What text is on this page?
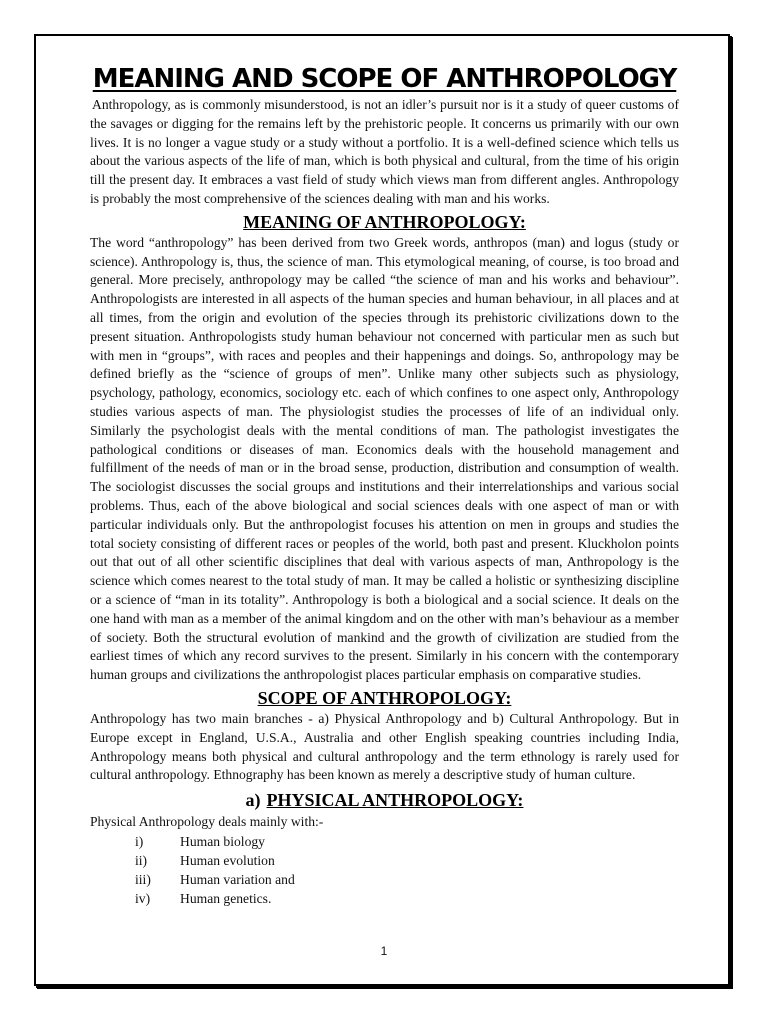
MEANING AND SCOPE OF ANTHROPOLOGY

Anthropology, as is commonly misunderstood, is not an idler’s pursuit nor is it a study of queer customs of the savages or digging for the remains left by the prehistoric people. It concerns us primarily with our own lives. It is no longer a vague study or a study without a portfolio. It is a well-defined science which tells us about the various aspects of the life of man, which is both physical and cultural, from the time of his origin till the present day. It embraces a vast field of study which views man from different angles. Anthropology is probably the most comprehensive of the sciences dealing with man and his works.

MEANING OF ANTHROPOLOGY:

The word “anthropology” has been derived from two Greek words, anthropos (man) and logus (study or science). Anthropology is, thus, the science of man. This etymological meaning, of course, is too broad and general. More precisely, anthropology may be called “the science of man and his works and behaviour”. Anthropologists are interested in all aspects of the human species and human behaviour, in all places and at all times, from the origin and evolution of the species through its prehistoric civilizations down to the present situation. Anthropologists study human behaviour not concerned with particular men as such but with men in “groups”, with races and peoples and their happenings and doings. So, anthropology may be defined briefly as the “science of groups of men”. Unlike many other subjects such as physiology, psychology, pathology, economics, sociology etc. each of which confines to one aspect only, Anthropology studies various aspects of man. The physiologist studies the processes of life of an individual only. Similarly the psychologist deals with the mental conditions of man. The pathologist investigates the pathological conditions or diseases of man. Economics deals with the household management and fulfillment of the needs of man or in the broad sense, production, distribution and consumption of wealth. The sociologist discusses the social groups and institutions and their interrelationships and various social problems. Thus, each of the above biological and social sciences deals with one aspect of man or with particular individuals only. But the anthropologist focuses his attention on men in groups and studies the total society consisting of different races or peoples of the world, both past and present. Kluckholon points out that out of all other scientific disciplines that deal with various aspects of man, Anthropology is the science which comes nearest to the total study of man. It may be called a holistic or synthesizing discipline or a science of “man in its totality”. Anthropology is both a biological and a social science. It deals on the one hand with man as a member of the animal kingdom and on the other with man’s behaviour as a member of society. Both the structural evolution of mankind and the growth of civilization are studied from the earliest times of which any record survives to the present. Similarly in his concern with the contemporary human groups and civilizations the anthropologist places particular emphasis on comparative studies.

SCOPE OF ANTHROPOLOGY:

Anthropology has two main branches - a) Physical Anthropology and b) Cultural Anthropology. But in Europe except in England, U.S.A., Australia and other English speaking countries including India, Anthropology means both physical and cultural anthropology and the term ethnology is rarely used for cultural anthropology. Ethnography has been known as merely a descriptive study of human culture.

a) PHYSICAL ANTHROPOLOGY:

Physical Anthropology deals mainly with:-

i)	Human biology
ii)	Human evolution
iii)	Human variation and
iv)	Human genetics.
1
